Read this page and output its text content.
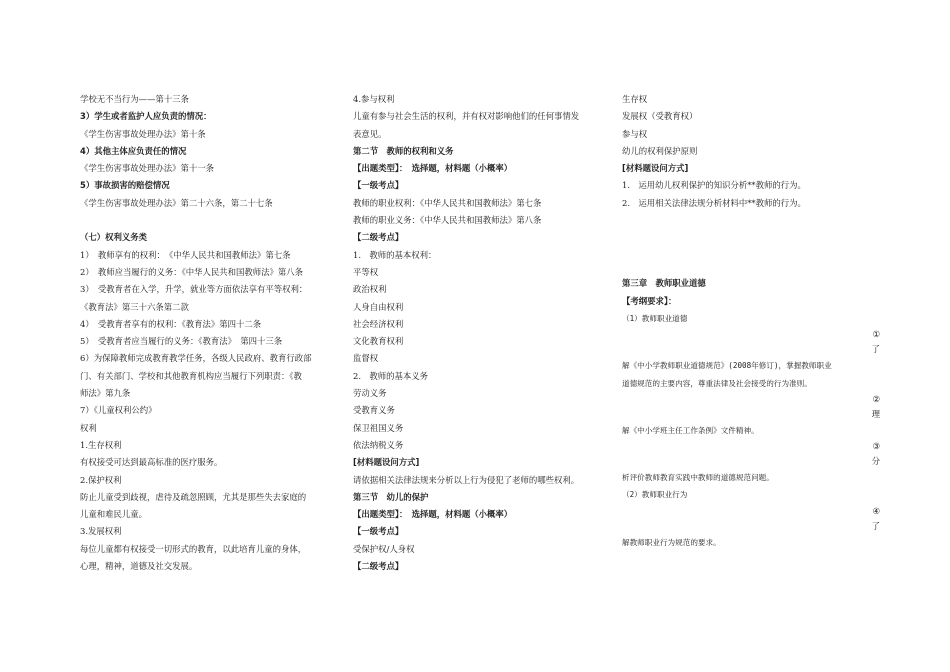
学校无不当行为——第十三条
3）学生或者监护人应负责的情况：
《学生伤害事故处理办法》第十条
4）其他主体应负责任的情况
《学生伤害事故处理办法》第十一条
5）事故损害的赔偿情况
《学生伤害事故处理办法》第二十六条，第二十七条
（七）权利义务类
1）　教师享有的权利：　《中华人民共和国教师法》第七条
2）　教师应当履行的义务：《中华人民共和国教师法》第八条
3）　受教育者在入学，升学，就业等方面依法享有平等权利：
《教育法》第三十六条第二款
4）　受教育者享有的权利：《教育法》第四十二条
5）　受教育者应当履行的义务：《教育法》　第四十三条
6）为保障教师完成教育教学任务，各级人民政府、教育行政部
门、有关部门、学校和其他教育机构应当履行下列职责：《教
师法》第九条
7）《儿童权利公约》
权利
1.生存权利
有权接受可达到最高标准的医疗服务。
2.保护权利
防止儿童受到歧视，虐待及疏忽照顾，尤其是那些失去家庭的
儿童和难民儿童。
3.发展权利
每位儿童都有权接受一切形式的教育，以此培育儿童的身体，
心理，精神，道德及社交发展。
4.参与权利
儿童有参与社会生活的权利，并有权对影响他们的任何事情发
表意见。
第二节　教师的权利和义务
【出题类型】：　选择题，材料题（小概率）
【一级考点】
教师的职业权利：《中华人民共和国教师法》第七条
教师的职业义务：《中华人民共和国教师法》第八条
【二级考点】
1.　教师的基本权利：
平等权
政治权利
人身自由权利
社会经济权利
文化教育权利
监督权
2.　教师的基本义务
劳动义务
受教育义务
保卫祖国义务
依法纳税义务
[材料题设问方式]
请依据相关法律法规来分析以上行为侵犯了老师的哪些权利。
第三节　幼儿的保护
【出题类型】：　选择题，材料题（小概率）
【一级考点】
受保护权/人身权
【二级考点】
生存权
发展权（受教育权）
参与权
幼儿的权利保护原则
[材料题设问方式]
1.　运用幼儿权利保护的知识分析**教师的行为。
2.　运用相关法律法规分析材料中**教师的行为。
第三章　教师职业道德
【考纲要求】：
（1）教师职业道德
①
了
解《中小学教师职业道德规范》(2008年修订)，掌握教师职业
道德规范的主要内容，尊重法律及社会接受的行为准则。
②
理
解《中小学班主任工作条例》文件精神。
③
分
析评价教师教育实践中教师的道德规范问题。
（2）教师职业行为
④
了
解教师职业行为规范的要求。
